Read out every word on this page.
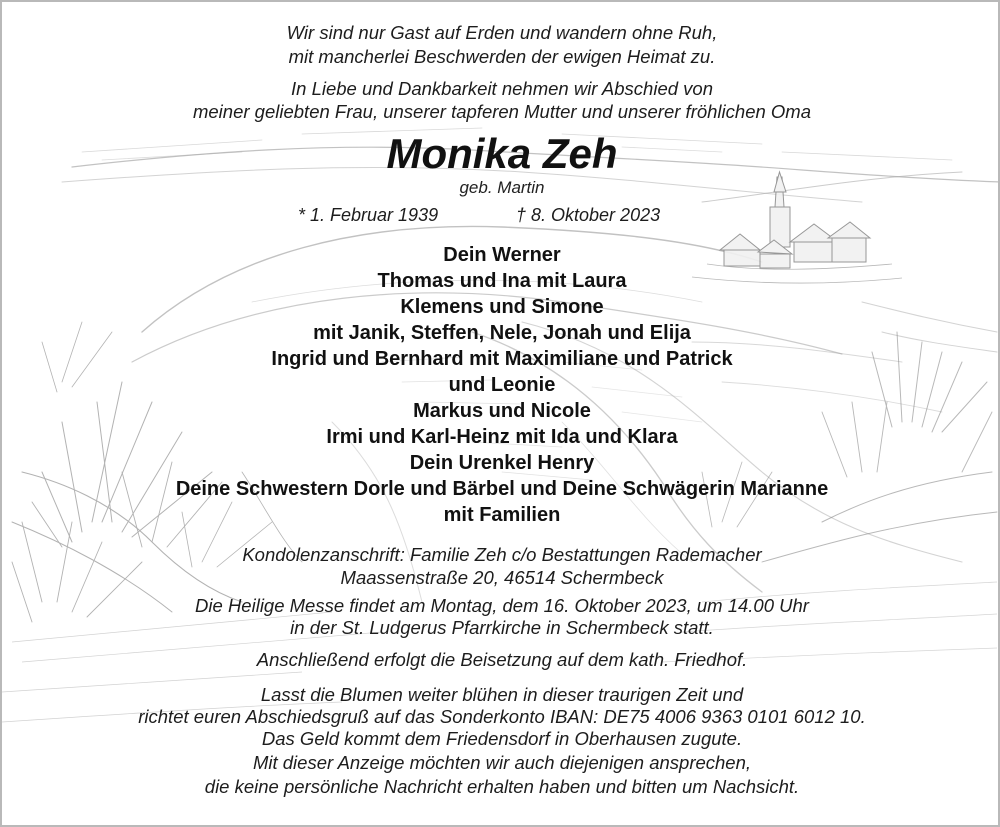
Wir sind nur Gast auf Erden und wandern ohne Ruh,
mit mancherlei Beschwerden der ewigen Heimat zu.
In Liebe und Dankbarkeit nehmen wir Abschied von
meiner geliebten Frau, unserer tapferen Mutter und unserer fröhlichen Oma
Monika Zeh
geb. Martin
* 1. Februar 1939	† 8. Oktober 2023
Dein Werner
Thomas und Ina mit Laura
Klemens und Simone
mit Janik, Steffen, Nele, Jonah und Elija
Ingrid und Bernhard mit Maximiliane und Patrick
und Leonie
Markus und Nicole
Irmi und Karl-Heinz mit Ida und Klara
Dein Urenkel Henry
Deine Schwestern Dorle und Bärbel und Deine Schwägerin Marianne
mit Familien
Kondolenzanschrift: Familie Zeh c/o Bestattungen Rademacher
Maassenstraße 20, 46514 Schermbeck
Die Heilige Messe findet am Montag, dem 16. Oktober 2023, um 14.00 Uhr
in der St. Ludgerus Pfarrkirche in Schermbeck statt.
Anschließend erfolgt die Beisetzung auf dem kath. Friedhof.
Lasst die Blumen weiter blühen in dieser traurigen Zeit und
richtet euren Abschiedsgruß auf das Sonderkonto IBAN: DE75 4006 9363 0101 6012 10.
Das Geld kommt dem Friedensdorf in Oberhausen zugute.
Mit dieser Anzeige möchten wir auch diejenigen ansprechen,
die keine persönliche Nachricht erhalten haben und bitten um Nachsicht.
